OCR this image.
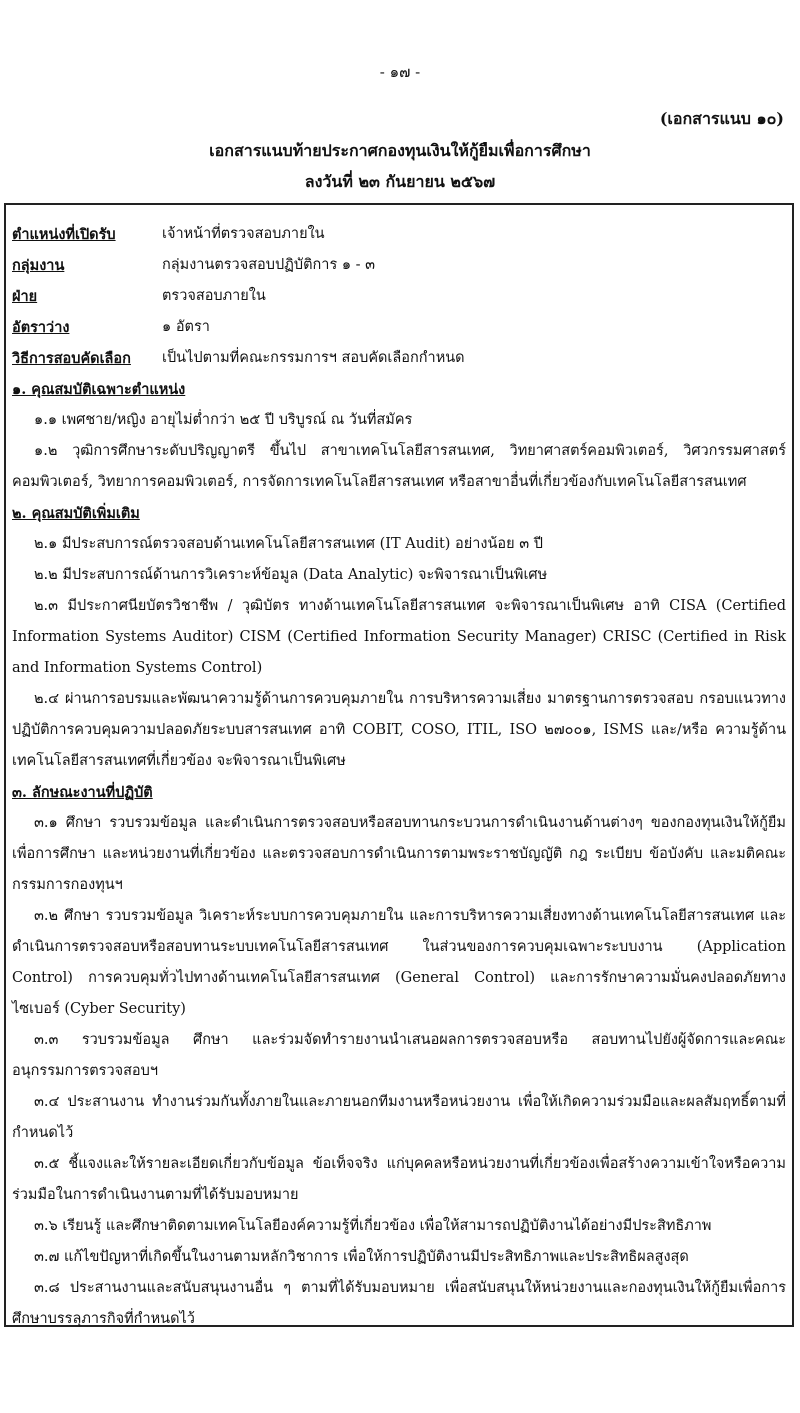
- ๑๗ -
(เอกสารแนบ ๑๐)
เอกสารแนบท้ายประกาศกองทุนเงินให้กู้ยืมเพื่อการศึกษา
ลงวันที่ ๒๓ กันยายน ๒๕๖๗
ตำแหน่งที่เปิดรับ	เจ้าหน้าที่ตรวจสอบภายใน
กลุ่มงาน	กลุ่มงานตรวจสอบปฏิบัติการ ๑ - ๓
ฝ่าย	ตรวจสอบภายใน
อัตราว่าง	๑ อัตรา
วิธีการสอบคัดเลือก	เป็นไปตามที่คณะกรรมการฯ สอบคัดเลือกกำหนด
๑. คุณสมบัติเฉพาะตำแหน่ง

๑.๑ เพศชาย/หญิง อายุไม่ต่ำกว่า ๒๕ ปี บริบูรณ์ ณ วันที่สมัคร

๑.๒ วุฒิการศึกษาระดับปริญญาตรี ขึ้นไป สาขาเทคโนโลยีสารสนเทศ, วิทยาศาสตร์คอมพิวเตอร์, วิศวกรรมศาสตร์คอมพิวเตอร์, วิทยาการคอมพิวเตอร์, การจัดการเทคโนโลยีสารสนเทศ หรือสาขาอื่นที่เกี่ยวข้องกับเทคโนโลยีสารสนเทศ

๒. คุณสมบัติเพิ่มเติม

๒.๑ มีประสบการณ์ตรวจสอบด้านเทคโนโลยีสารสนเทศ (IT Audit) อย่างน้อย ๓ ปี

๒.๒ มีประสบการณ์ด้านการวิเคราะห์ข้อมูล (Data Analytic) จะพิจารณาเป็นพิเศษ

๒.๓ มีประกาศนียบัตรวิชาชีพ / วุฒิบัตร ทางด้านเทคโนโลยีสารสนเทศ จะพิจารณาเป็นพิเศษ อาทิ CISA (Certified Information Systems Auditor) CISM (Certified Information Security Manager) CRISC (Certified in Risk and Information Systems Control)

๒.๔ ผ่านการอบรมและพัฒนาความรู้ด้านการควบคุมภายใน การบริหารความเสี่ยง มาตรฐานการตรวจสอบ กรอบแนวทางปฏิบัติการควบคุมความปลอดภัยระบบสารสนเทศ อาทิ COBIT, COSO, ITIL, ISO ๒๗๐๐๑, ISMS และ/หรือ ความรู้ด้านเทคโนโลยีสารสนเทศที่เกี่ยวข้อง จะพิจารณาเป็นพิเศษ

๓. ลักษณะงานที่ปฏิบัติ

๓.๑ ศึกษา รวบรวมข้อมูล และดำเนินการตรวจสอบหรือสอบทานกระบวนการดำเนินงานด้านต่างๆ ของกองทุนเงินให้กู้ยืมเพื่อการศึกษา และหน่วยงานที่เกี่ยวข้อง และตรวจสอบการดำเนินการตามพระราชบัญญัติ กฎ ระเบียบ ข้อบังคับ และมติคณะกรรมการกองทุนฯ

๓.๒ ศึกษา รวบรวมข้อมูล วิเคราะห์ระบบการควบคุมภายใน และการบริหารความเสี่ยงทางด้านเทคโนโลยีสารสนเทศ และดำเนินการตรวจสอบหรือสอบทานระบบเทคโนโลยีสารสนเทศ ในส่วนของการควบคุมเฉพาะระบบงาน (Application Control) การควบคุมทั่วไปทางด้านเทคโนโลยีสารสนเทศ (General Control) และการรักษาความมั่นคงปลอดภัยทางไซเบอร์ (Cyber Security)

๓.๓ รวบรวมข้อมูล ศึกษา และร่วมจัดทำรายงานนำเสนอผลการตรวจสอบหรือ สอบทานไปยังผู้จัดการและคณะอนุกรรมการตรวจสอบฯ

๓.๔ ประสานงาน ทำงานร่วมกันทั้งภายในและภายนอกทีมงานหรือหน่วยงาน เพื่อให้เกิดความร่วมมือและผลสัมฤทธิ์ตามที่กำหนดไว้

๓.๕ ชี้แจงและให้รายละเอียดเกี่ยวกับข้อมูล ข้อเท็จจริง แก่บุคคลหรือหน่วยงานที่เกี่ยวข้องเพื่อสร้างความเข้าใจหรือความร่วมมือในการดำเนินงานตามที่ได้รับมอบหมาย

๓.๖ เรียนรู้ และศึกษาติดตามเทคโนโลยีองค์ความรู้ที่เกี่ยวข้อง เพื่อให้สามารถปฏิบัติงานได้อย่างมีประสิทธิภาพ

๓.๗ แก้ไขปัญหาที่เกิดขึ้นในงานตามหลักวิชาการ เพื่อให้การปฏิบัติงานมีประสิทธิภาพและประสิทธิผลสูงสุด

๓.๘ ประสานงานและสนับสนุนงานอื่น ๆ ตามที่ได้รับมอบหมาย เพื่อสนับสนุนให้หน่วยงานและกองทุนเงินให้กู้ยืมเพื่อการศึกษาบรรลุภารกิจที่กำหนดไว้
